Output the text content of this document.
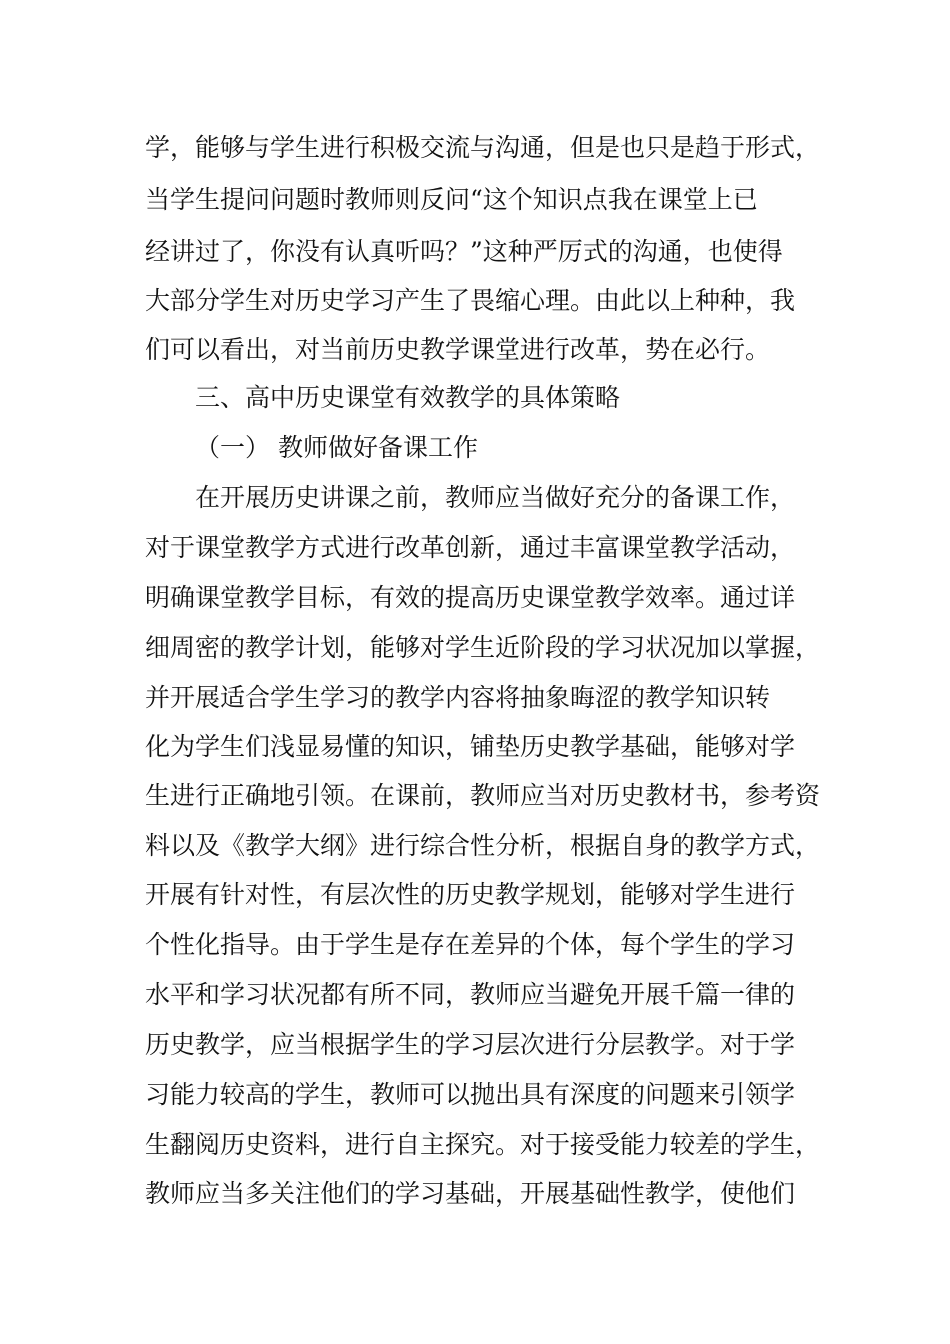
学，能够与学生进行积极交流与沟通，但是也只是趋于形式，
当学生提问问题时教师则反问“这个知识点我在课堂上已
经讲过了，你没有认真听吗？”这种严厉式的沟通，也使得
大部分学生对历史学习产生了畏缩心理。由此以上种种，我
们可以看出，对当前历史教学课堂进行改革，势在必行。
三、高中历史课堂有效教学的具体策略
（一） 教师做好备课工作
在开展历史讲课之前，教师应当做好充分的备课工作，
对于课堂教学方式进行改革创新，通过丰富课堂教学活动，
明确课堂教学目标，有效的提高历史课堂教学效率。通过详
细周密的教学计划，能够对学生近阶段的学习状况加以掌握，
并开展适合学生学习的教学内容将抽象晦涩的教学知识转
化为学生们浅显易懂的知识，铺垫历史教学基础，能够对学
生进行正确地引领。在课前，教师应当对历史教材书，参考资
料以及《教学大纲》进行综合性分析，根据自身的教学方式，
开展有针对性，有层次性的历史教学规划，能够对学生进行
个性化指导。由于学生是存在差异的个体，每个学生的学习
水平和学习状况都有所不同，教师应当避免开展千篇一律的
历史教学，应当根据学生的学习层次进行分层教学。对于学
习能力较高的学生，教师可以抛出具有深度的问题来引领学
生翻阅历史资料，进行自主探究。对于接受能力较差的学生，
教师应当多关注他们的学习基础，开展基础性教学，使他们
